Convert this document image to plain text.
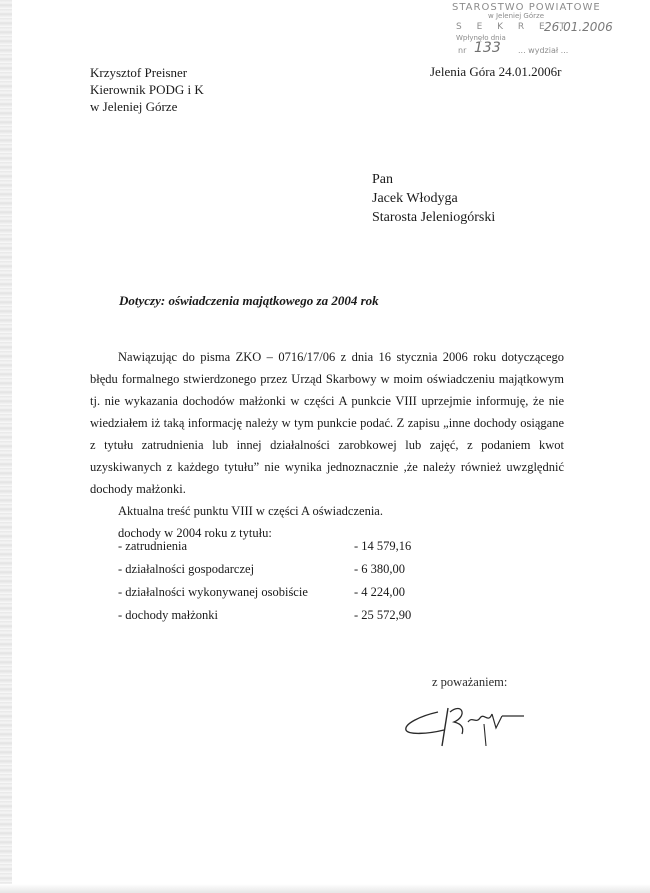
STAROSTWO POWIATOWE
w Jeleniej Górze
S E K R E T
26.01.2006
Wpłynęło dnia
nr 133 ... wydział ...
Krzysztof Preisner
Kierownik PODG i K
w Jeleniej Górze
Jelenia Góra 24.01.2006r
Pan
Jacek Włodyga
Starosta Jeleniogórski
Dotyczy: oświadczenia majątkowego za 2004 rok

Nawiązując do pisma ZKO – 0716/17/06 z dnia 16 stycznia 2006 roku dotyczącego błędu formalnego stwierdzonego przez Urząd Skarbowy w moim oświadczeniu majątkowym tj. nie wykazania dochodów małżonki w części A punkcie VIII uprzejmie informuję, że nie wiedziałem iż taką informację należy w tym punkcie podać. Z zapisu „inne dochody osiągane z tytułu zatrudnienia lub innej działalności zarobkowej lub zajęć, z podaniem kwot uzyskiwanych z każdego tytułu” nie wynika jednoznacznie ,że należy również uwzględnić dochody małżonki.

Aktualna treść punktu VIII w części A oświadczenia.
dochody w 2004 roku z tytułu:
- zatrudnienia	- 14 579,16
- działalności gospodarczej	- 6 380,00
- działalności wykonywanej osobiście	- 4 224,00
- dochody małżonki	- 25 572,90
z poważaniem:
